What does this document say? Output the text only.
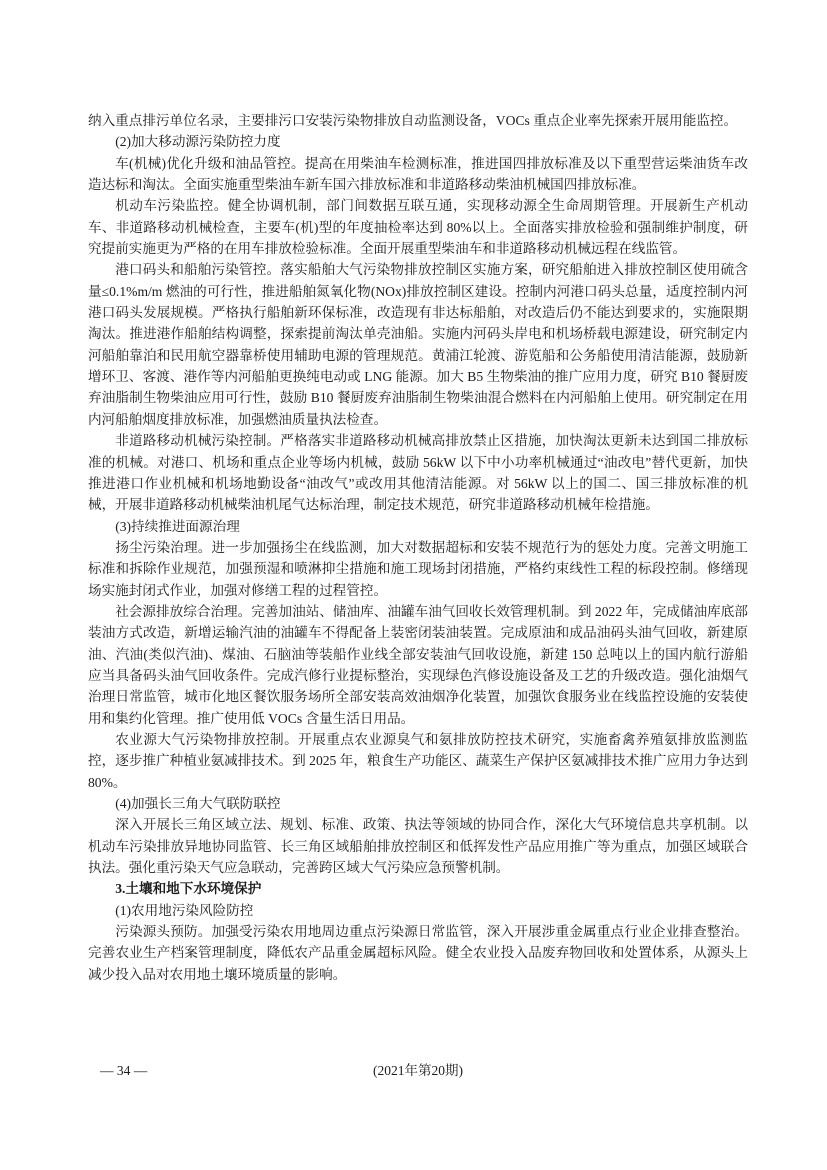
纳入重点排污单位名录，主要排污口安装污染物排放自动监测设备，VOCs 重点企业率先探索开展用能监控。

(2)加大移动源污染防控力度

车(机械)优化升级和油品管控。提高在用柴油车检测标准，推进国四排放标准及以下重型营运柴油货车改造达标和淘汰。全面实施重型柴油车新车国六排放标准和非道路移动柴油机械国四排放标准。

机动车污染监控。健全协调机制，部门间数据互联互通，实现移动源全生命周期管理。开展新生产机动车、非道路移动机械检查，主要车(机)型的年度抽检率达到 80%以上。全面落实排放检验和强制维护制度，研究提前实施更为严格的在用车排放检验标准。全面开展重型柴油车和非道路移动机械远程在线监管。

港口码头和船舶污染管控。落实船舶大气污染物排放控制区实施方案，研究船舶进入排放控制区使用硫含量≤0.1%m/m 燃油的可行性，推进船舶氮氧化物(NOx)排放控制区建设。控制内河港口码头总量，适度控制内河港口码头发展规模。严格执行船舶新环保标准，改造现有非达标船舶，对改造后仍不能达到要求的，实施限期淘汰。推进港作船舶结构调整，探索提前淘汰单壳油船。实施内河码头岸电和机场桥载电源建设，研究制定内河船舶靠泊和民用航空器靠桥使用辅助电源的管理规范。黄浦江轮渡、游览船和公务船使用清洁能源，鼓励新增环卫、客渡、港作等内河船舶更换纯电动或 LNG 能源。加大 B5 生物柴油的推广应用力度，研究 B10 餐厨废弃油脂制生物柴油应用可行性，鼓励 B10 餐厨废弃油脂制生物柴油混合燃料在内河船舶上使用。研究制定在用内河船舶烟度排放标准，加强燃油质量执法检查。

非道路移动机械污染控制。严格落实非道路移动机械高排放禁止区措施，加快淘汰更新未达到国二排放标准的机械。对港口、机场和重点企业等场内机械，鼓励 56kW 以下中小功率机械通过“油改电”替代更新，加快推进港口作业机械和机场地勤设备“油改气”或改用其他清洁能源。对 56kW 以上的国二、国三排放标准的机械，开展非道路移动机械柴油机尾气达标治理，制定技术规范，研究非道路移动机械年检措施。

(3)持续推进面源治理

扬尘污染治理。进一步加强扬尘在线监测，加大对数据超标和安装不规范行为的惩处力度。完善文明施工标准和拆除作业规范，加强预湿和喷淋抑尘措施和施工现场封闭措施，严格约束线性工程的标段控制。修缮现场实施封闭式作业，加强对修缮工程的过程管控。

社会源排放综合治理。完善加油站、储油库、油罐车油气回收长效管理机制。到 2022 年，完成储油库底部装油方式改造，新增运输汽油的油罐车不得配备上装密闭装油装置。完成原油和成品油码头油气回收，新建原油、汽油(类似汽油)、煤油、石脑油等装船作业线全部安装油气回收设施，新建 150 总吨以上的国内航行游船应当具备码头油气回收条件。完成汽修行业提标整治，实现绿色汽修设施设备及工艺的升级改造。强化油烟气治理日常监管，城市化地区餐饮服务场所全部安装高效油烟净化装置，加强饮食服务业在线监控设施的安装使用和集约化管理。推广使用低 VOCs 含量生活日用品。

农业源大气污染物排放控制。开展重点农业源臭气和氨排放防控技术研究，实施畜禽养殖氨排放监测监控，逐步推广种植业氨减排技术。到 2025 年，粮食生产功能区、蔬菜生产保护区氨减排技术推广应用力争达到 80%。

(4)加强长三角大气联防联控

深入开展长三角区域立法、规划、标准、政策、执法等领域的协同合作，深化大气环境信息共享机制。以机动车污染排放异地协同监管、长三角区域船舶排放控制区和低挥发性产品应用推广等为重点，加强区域联合执法。强化重污染天气应急联动，完善跨区域大气污染应急预警机制。

3.土壤和地下水环境保护

(1)农用地污染风险防控

污染源头预防。加强受污染农用地周边重点污染源日常监管，深入开展涉重金属重点行业企业排查整治。完善农业生产档案管理制度，降低农产品重金属超标风险。健全农业投入品废弃物回收和处置体系，从源头上减少投入品对农用地土壤环境质量的影响。

— 34 —	(2021年第20期)
